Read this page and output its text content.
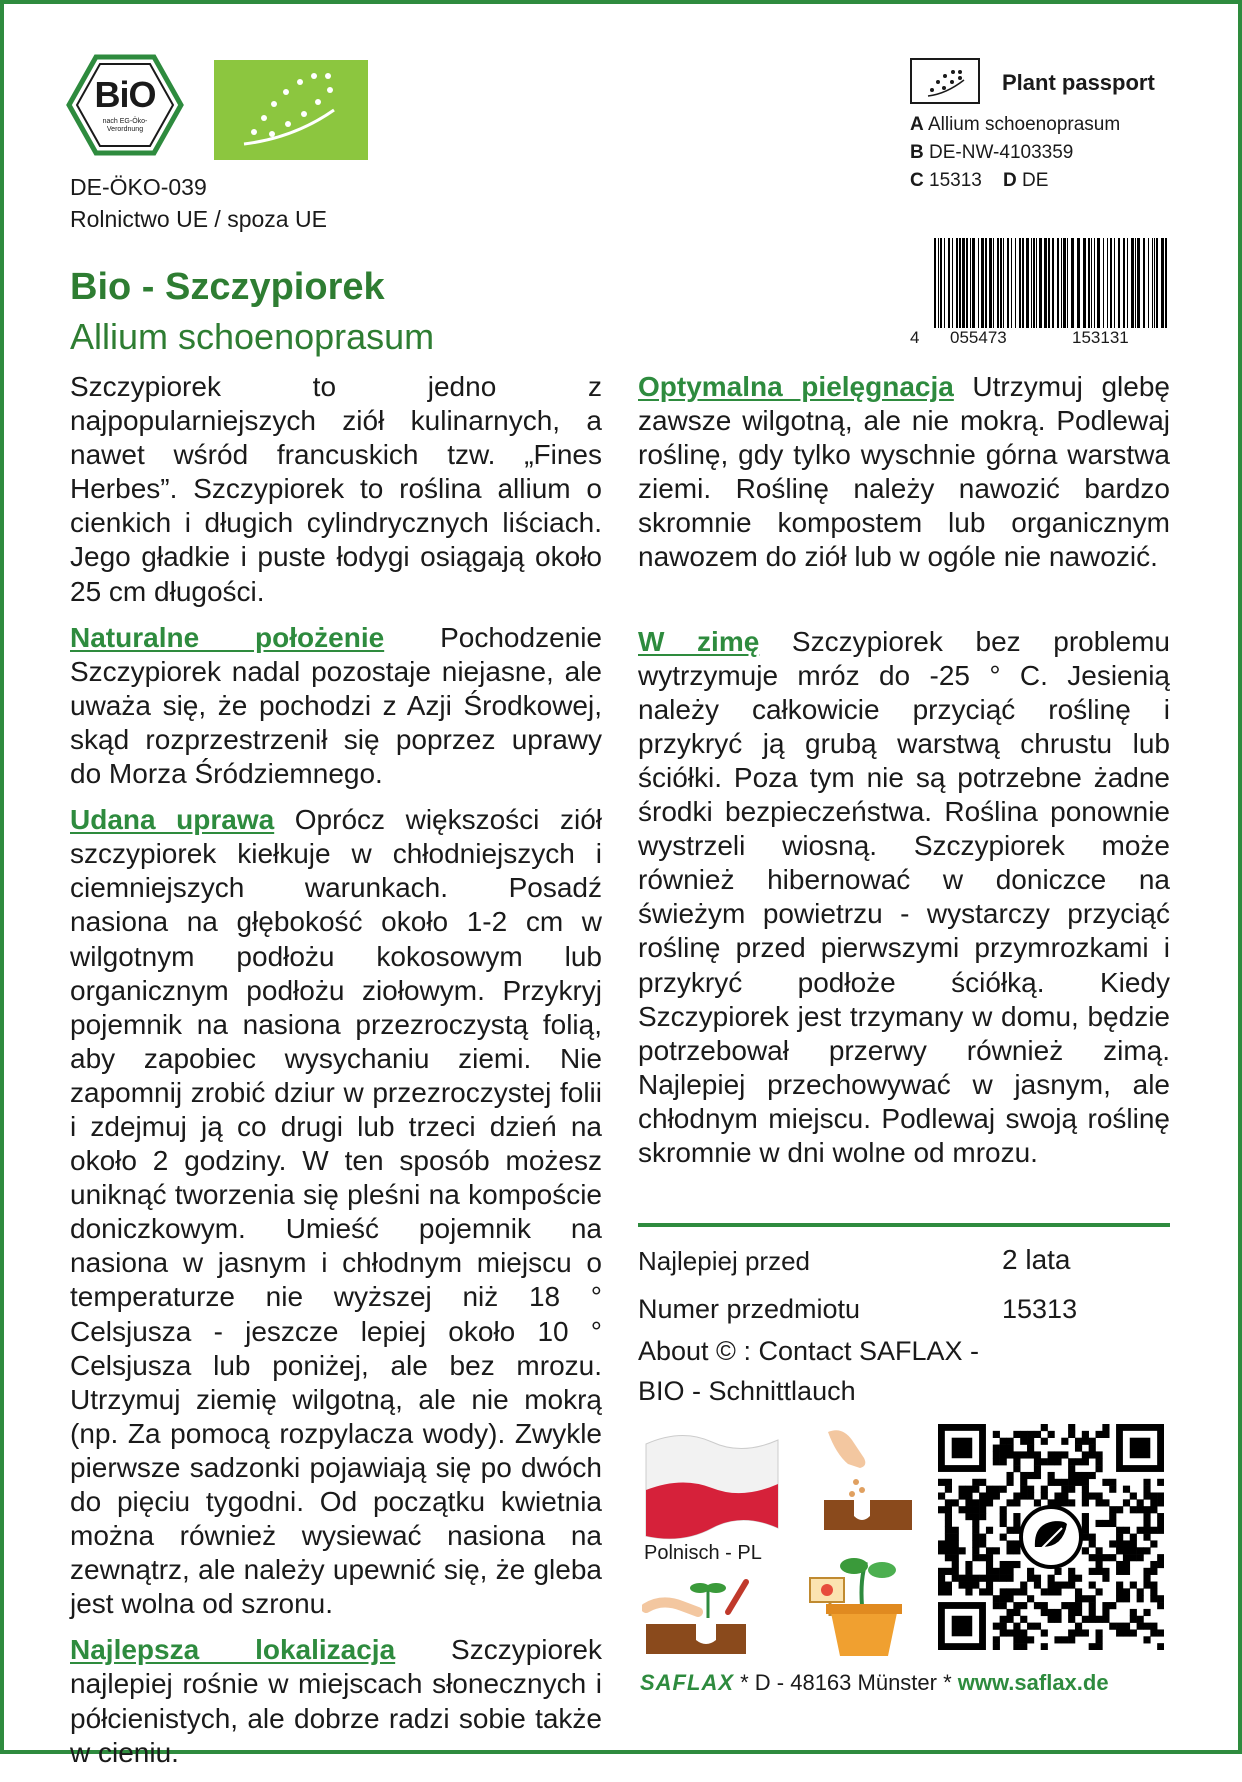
BiO
nach EG-Öko-Verordnung
DE-ÖKO-039
Rolnictwo UE / spoza UE
Plant passport
A Allium schoenoprasum
B DE-NW-4103359
C 15313 D DE
4 055473	153131
Bio - Szczypiorek
Allium schoenoprasum

Szczypiorek to jedno z najpopularniejszych ziół kulinarnych, a nawet wśród francuskich tzw. „Fines Herbes”. Szczypiorek to roślina allium o cienkich i długich cylindrycznych liściach. Jego gładkie i puste łodygi osiągają około 25 cm długości.

Naturalne położenie Pochodzenie Szczypiorek nadal pozostaje niejasne, ale uważa się, że pochodzi z Azji Środkowej, skąd rozprzestrzenił się poprzez uprawy do Morza Śródziemnego.

Udana uprawa Oprócz większości ziół szczypiorek kiełkuje w chłodniejszych i ciemniejszych warunkach. Posadź nasiona na głębokość około 1-2 cm w wilgotnym podłożu kokosowym lub organicznym podłożu ziołowym. Przykryj pojemnik na nasiona przezroczystą folią, aby zapobiec wysychaniu ziemi. Nie zapomnij zrobić dziur w przezroczystej folii i zdejmuj ją co drugi lub trzeci dzień na około 2 godziny. W ten sposób możesz uniknąć tworzenia się pleśni na kompoście doniczkowym. Umieść pojemnik na nasiona w jasnym i chłodnym miejscu o temperaturze nie wyższej niż 18 ° Celsjusza - jeszcze lepiej około 10 ° Celsjusza lub poniżej, ale bez mrozu. Utrzymuj ziemię wilgotną, ale nie mokrą (np. Za pomocą rozpylacza wody). Zwykle pierwsze sadzonki pojawiają się po dwóch do pięciu tygodni. Od początku kwietnia można również wysiewać nasiona na zewnątrz, ale należy upewnić się, że gleba jest wolna od szronu.

Najlepsza lokalizacja Szczypiorek najlepiej rośnie w miejscach słonecznych i półcienistych, ale dobrze radzi sobie także w cieniu.

Optymalna pielęgnacja Utrzymuj glebę zawsze wilgotną, ale nie mokrą. Podlewaj roślinę, gdy tylko wyschnie górna warstwa ziemi. Roślinę należy nawozić bardzo skromnie kompostem lub organicznym nawozem do ziół lub w ogóle nie nawozić.

W zimę Szczypiorek bez problemu wytrzymuje mróz do -25 ° C. Jesienią należy całkowicie przyciąć roślinę i przykryć ją grubą warstwą chrustu lub ściółki. Poza tym nie są potrzebne żadne środki bezpieczeństwa. Roślina ponownie wystrzeli wiosną. Szczypiorek może również hibernować w doniczce na świeżym powietrzu - wystarczy przyciąć roślinę przed pierwszymi przymrozkami i przykryć podłoże ściółką. Kiedy Szczypiorek jest trzymany w domu, będzie potrzebował przerwy również zimą. Najlepiej przechowywać w jasnym, ale chłodnym miejscu. Podlewaj swoją roślinę skromnie w dni wolne od mrozu.

Najlepiej przed	2 lata
Numer przedmiotu	15313
About © : Contact SAFLAX -
BIO - Schnittlauch
Polnisch - PL
SAFLAX * D - 48163 Münster * www.saflax.de
